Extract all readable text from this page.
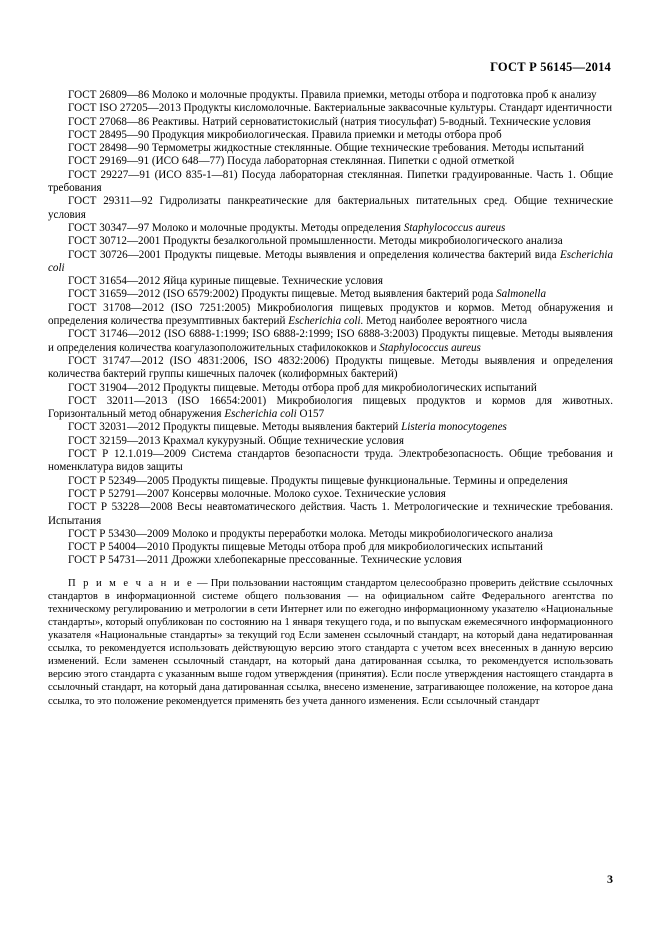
ГОСТ Р 56145—2014

ГОСТ 26809—86 Молоко и молочные продукты. Правила приемки, методы отбора и подготовка проб к анализу

ГОСТ ISO 27205—2013 Продукты кисломолочные. Бактериальные заквасочные культуры. Стандарт идентичности

ГОСТ 27068—86 Реактивы. Натрий серноватистокислый (натрия тиосульфат) 5-водный. Технические условия

ГОСТ 28495—90 Продукция микробиологическая. Правила приемки и методы отбора проб

ГОСТ 28498—90 Термометры жидкостные стеклянные. Общие технические требования. Методы испытаний

ГОСТ 29169—91 (ИСО 648—77) Посуда лабораторная стеклянная. Пипетки с одной отметкой

ГОСТ 29227—91 (ИСО 835-1—81) Посуда лабораторная стеклянная. Пипетки градуированные. Часть 1. Общие требования

ГОСТ 29311—92 Гидролизаты панкреатические для бактериальных питательных сред. Общие технические условия

ГОСТ 30347—97 Молоко и молочные продукты. Методы определения Staphylococcus aureus

ГОСТ 30712—2001 Продукты безалкогольной промышленности. Методы микробиологического анализа

ГОСТ 30726—2001 Продукты пищевые. Методы выявления и определения количества бактерий вида Escherichia coli

ГОСТ 31654—2012 Яйца куриные пищевые. Технические условия

ГОСТ 31659—2012 (ISO 6579:2002) Продукты пищевые. Метод выявления бактерий рода Salmonella

ГОСТ 31708—2012 (ISO 7251:2005) Микробиология пищевых продуктов и кормов. Метод обнаружения и определения количества презумптивных бактерий Escherichia coli. Метод наиболее вероятного числа

ГОСТ 31746—2012 (ISO 6888-1:1999; ISO 6888-2:1999; ISO 6888-3:2003) Продукты пищевые. Методы выявления и определения количества коагулазоположительных стафилококков и Staphylococcus aureus

ГОСТ 31747—2012 (ISO 4831:2006, ISO 4832:2006) Продукты пищевые. Методы выявления и определения количества бактерий группы кишечных палочек (колиформных бактерий)

ГОСТ 31904—2012 Продукты пищевые. Методы отбора проб для микробиологических испытаний

ГОСТ 32011—2013 (ISO 16654:2001) Микробиология пищевых продуктов и кормов для животных. Горизонтальный метод обнаружения Escherichia coli O157

ГОСТ 32031—2012 Продукты пищевые. Методы выявления бактерий Listeria monocytogenes

ГОСТ 32159—2013 Крахмал кукурузный. Общие технические условия

ГОСТ Р 12.1.019—2009 Система стандартов безопасности труда. Электробезопасность. Общие требования и номенклатура видов защиты

ГОСТ Р 52349—2005 Продукты пищевые. Продукты пищевые функциональные. Термины и определения

ГОСТ Р 52791—2007 Консервы молочные. Молоко сухое. Технические условия

ГОСТ Р 53228—2008 Весы неавтоматического действия. Часть 1. Метрологические и технические требования. Испытания

ГОСТ Р 53430—2009 Молоко и продукты переработки молока. Методы микробиологического анализа

ГОСТ Р 54004—2010 Продукты пищевые Методы отбора проб для микробиологических испытаний

ГОСТ Р 54731—2011 Дрожжи хлебопекарные прессованные. Технические условия

П р и м е ч а н и е — При пользовании настоящим стандартом целесообразно проверить действие ссылочных стандартов в информационной системе общего пользования — на официальном сайте Федерального агентства по техническому регулированию и метрологии в сети Интернет или по ежегодно информационному указателю «Национальные стандарты», который опубликован по состоянию на 1 января текущего года, и по выпускам ежемесячного информационного указателя «Национальные стандарты» за текущий год Если заменен ссылочный стандарт, на который дана недатированная ссылка, то рекомендуется использовать действующую версию этого стандарта с учетом всех внесенных в данную версию изменений. Если заменен ссылочный стандарт, на который дана датированная ссылка, то рекомендуется использовать версию этого стандарта с указанным выше годом утверждения (принятия). Если после утверждения настоящего стандарта в ссылочный стандарт, на который дана датированная ссылка, внесено изменение, затрагивающее положение, на которое дана ссылка, то это положение рекомендуется применять без учета данного изменения. Если ссылочный стандарт

3
